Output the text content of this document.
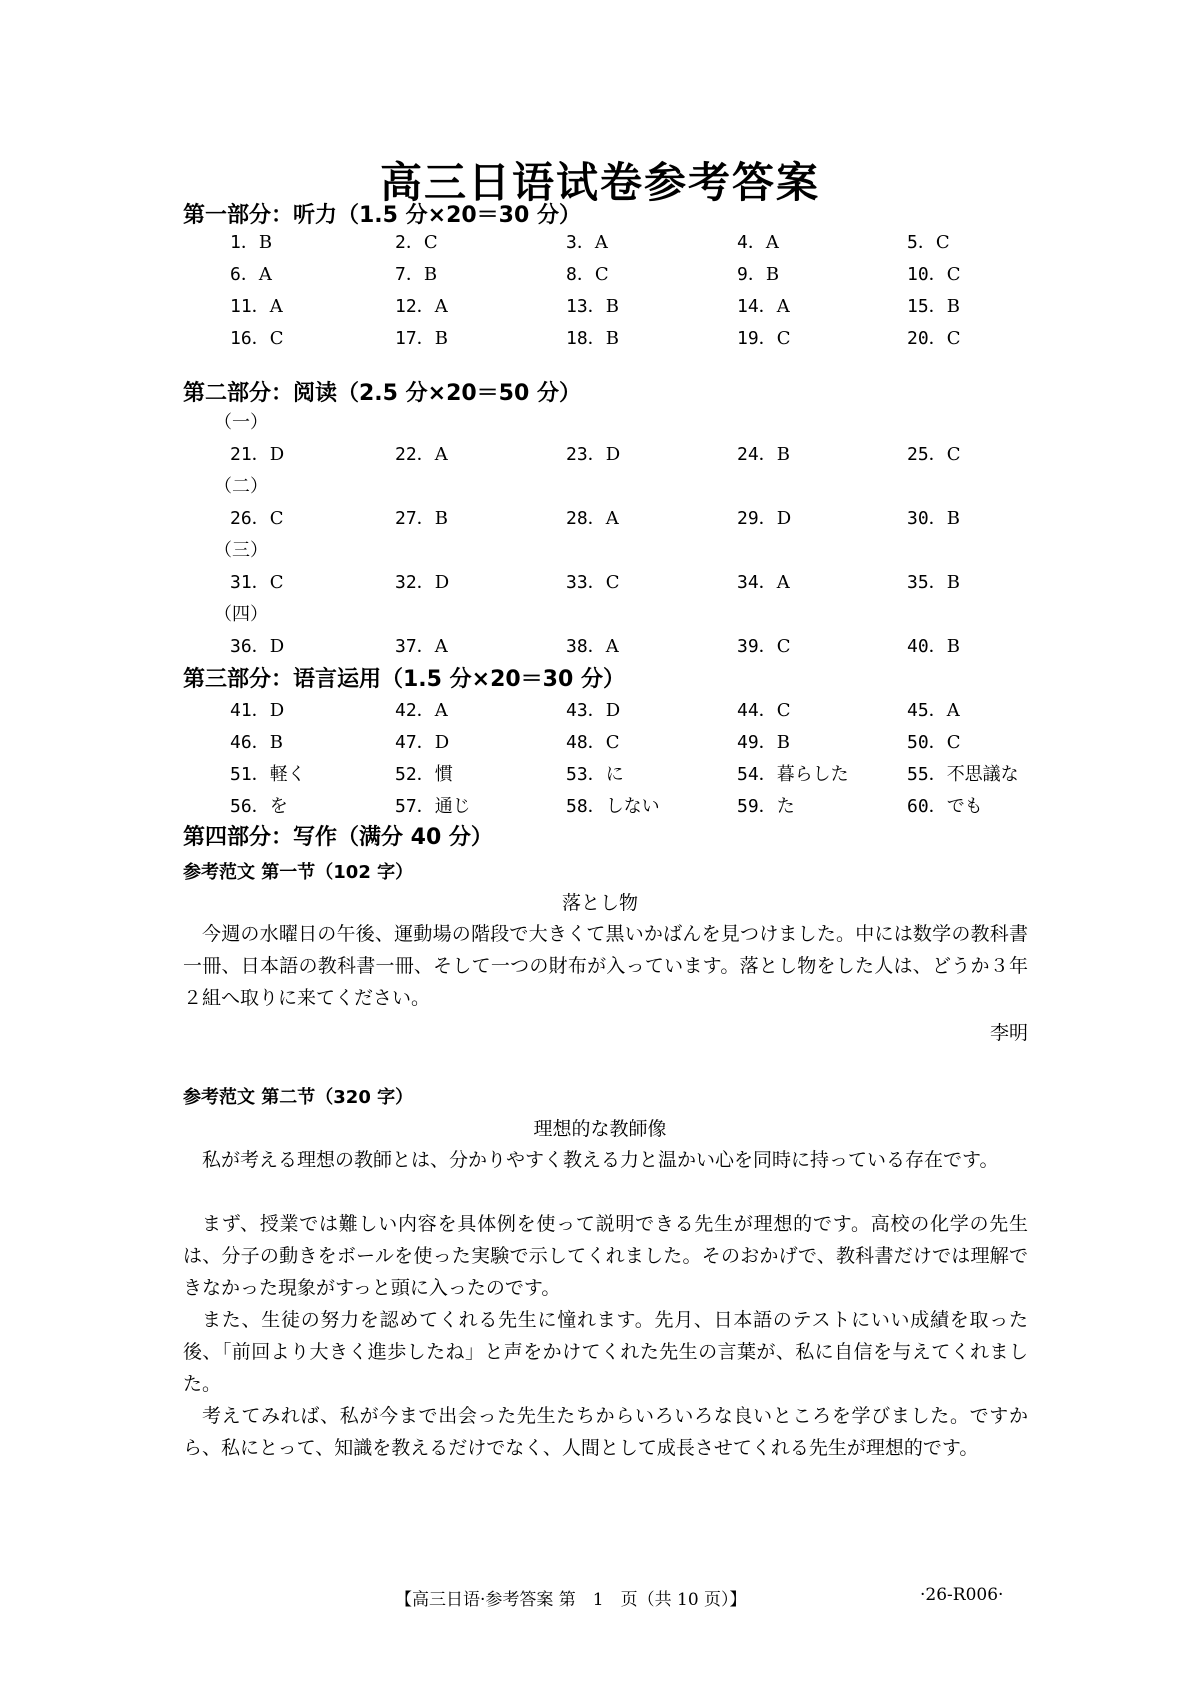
高三日语试卷参考答案
第一部分：听力（1.5 分×20＝30 分）
1．B	2．C	3．A	4．A	5．C
6．A	7．B	8．C	9．B	10．C
11．A	12．A	13．B	14．A	15．B
16．C	17．B	18．B	19．C	20．C
第二部分：阅读（2.5 分×20＝50 分）
（一）
21．D	22．A	23．D	24．B	25．C
（二）
26．C	27．B	28．A	29．D	30．B
（三）
31．C	32．D	33．C	34．A	35．B
（四）
36．D	37．A	38．A	39．C	40．B
第三部分：语言运用（1.5 分×20＝30 分）
41．D	42．A	43．D	44．C	45．A
46．B	47．D	48．C	49．B	50．C
51．軽く	52．慣	53．に	54．暮らした	55．不思議な
56．を	57．通じ	58．しない	59．た	60．でも
第四部分：写作（满分 40 分）
参考范文 第一节（102 字）
落とし物
今週の水曜日の午後、運動場の階段で大きくて黒いかばんを見つけました。中には数学の教科書一冊、日本語の教科書一冊、そして一つの財布が入っています。落とし物をした人は、どうか３年２組へ取りに来てください。
李明
参考范文 第二节（320 字）
理想的な教師像
私が考える理想の教師とは、分かりやすく教える力と温かい心を同時に持っている存在です。
まず、授業では難しい内容を具体例を使って説明できる先生が理想的です。高校の化学の先生は、分子の動きをボールを使った実験で示してくれました。そのおかげで、教科書だけでは理解できなかった現象がすっと頭に入ったのです。
また、生徒の努力を認めてくれる先生に憧れます。先月、日本語のテストにいい成績を取った後、「前回より大きく進歩したね」と声をかけてくれた先生の言葉が、私に自信を与えてくれました。
考えてみれば、私が今まで出会った先生たちからいろいろな良いところを学びました。ですから、私にとって、知識を教えるだけでなく、人間として成長させてくれる先生が理想的です。
【高三日语·参考答案 第　1　页（共 10 页）】	·26-R006·
